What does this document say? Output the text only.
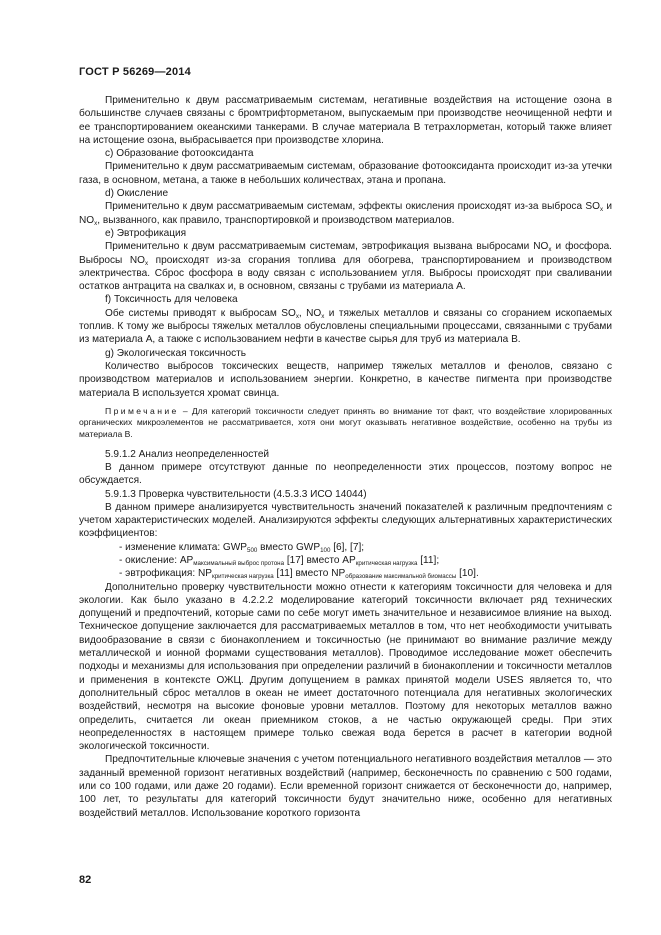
ГОСТ Р 56269—2014

Применительно к двум рассматриваемым системам, негативные воздействия на истощение озона в большинстве случаев связаны с бромтрифторметаном, выпускаемым при производстве неочищенной нефти и ее транспортированием океанскими танкерами. В случае материала B тетрахлорметан, который также влияет на истощение озона, выбрасывается при производстве хлорина.

c) Образование фотооксиданта

Применительно к двум рассматриваемым системам, образование фотооксиданта происходит из-за утечки газа, в основном, метана, а также в небольших количествах, этана и пропана.

d) Окисление

Применительно к двум рассматриваемым системам, эффекты окисления происходят из-за выброса $SO_x$ и $NO_x$, вызванного, как правило, транспортировкой и производством материалов.

e) Эвтрофикация

Применительно к двум рассматриваемым системам, эвтрофикация вызвана выбросами $NO_x$ и фосфора. Выбросы $NO_x$ происходят из-за сгорания топлива для обогрева, транспортированием и производством электричества. Сброс фосфора в воду связан с использованием угля. Выбросы происходят при сваливании остатков антрацита на свалках и, в основном, связаны с трубами из материала A.

f) Токсичность для человека

Обе системы приводят к выбросам $SO_x$, $NO_x$ и тяжелых металлов и связаны со сгоранием ископаемых топлив. К тому же выбросы тяжелых металлов обусловлены специальными процессами, связанными с трубами из материала A, а также с использованием нефти в качестве сырья для труб из материала B.

g) Экологическая токсичность

Количество выбросов токсических веществ, например тяжелых металлов и фенолов, связано с производством материалов и использованием энергии. Конкретно, в качестве пигмента при производстве материала B используется хромат свинца.

Примечание – Для категорий токсичности следует принять во внимание тот факт, что воздействие хлорированных органических микроэлементов не рассматривается, хотя они могут оказывать негативное воздействие, особенно на трубы из материала B.

5.9.1.2 Анализ неопределенностей

В данном примере отсутствуют данные по неопределенности этих процессов, поэтому вопрос не обсуждается.

5.9.1.3 Проверка чувствительности (4.5.3.3 ИСО 14044)

В данном примере анализируется чувствительность значений показателей к различным предпочтениям с учетом характеристических моделей. Анализируются эффекты следующих альтернативных характеристических коэффициентов:

- изменение климата: $GWP_{500}$ вместо $GWP_{100}$ [6], [7];

- окисление: $AP_{максимальный выброс протона}$ [17] вместо $AP_{критическая нагрузка}$ [11];

- эвтрофикация: $NP_{критическая нагрузка}$ [11] вместо $NP_{образование максимальной биомассы}$ [10].

Дополнительно проверку чувствительности можно отнести к категориям токсичности для человека и для экологии. Как было указано в 4.2.2.2 моделирование категорий токсичности включает ряд технических допущений и предпочтений, которые сами по себе могут иметь значительное и независимое влияние на выход. Техническое допущение заключается для рассматриваемых металлов в том, что нет необходимости учитывать видообразование в связи с бионакоплением и токсичностью (не принимают во внимание различие между металлической и ионной формами существования металлов). Проводимое исследование может обеспечить подходы и механизмы для использования при определении различий в бионакоплении и токсичности металлов и применения в контексте ОЖЦ. Другим допущением в рамках принятой модели USES является то, что дополнительный сброс металлов в океан не имеет достаточного потенциала для негативных экологических воздействий, несмотря на высокие фоновые уровни металлов. Поэтому для некоторых металлов важно определить, считается ли океан приемником стоков, а не частью окружающей среды. При этих неопределенностях в настоящем примере только свежая вода берется в расчет в категории водной экологической токсичности.

Предпочтительные ключевые значения с учетом потенциального негативного воздействия металлов — это заданный временной горизонт негативных воздействий (например, бесконечность по сравнению с 500 годами, или со 100 годами, или даже 20 годами). Если временной горизонт снижается от бесконечности до, например, 100 лет, то результаты для категорий токсичности будут значительно ниже, особенно для негативных воздействий металлов. Использование короткого горизонта

82
